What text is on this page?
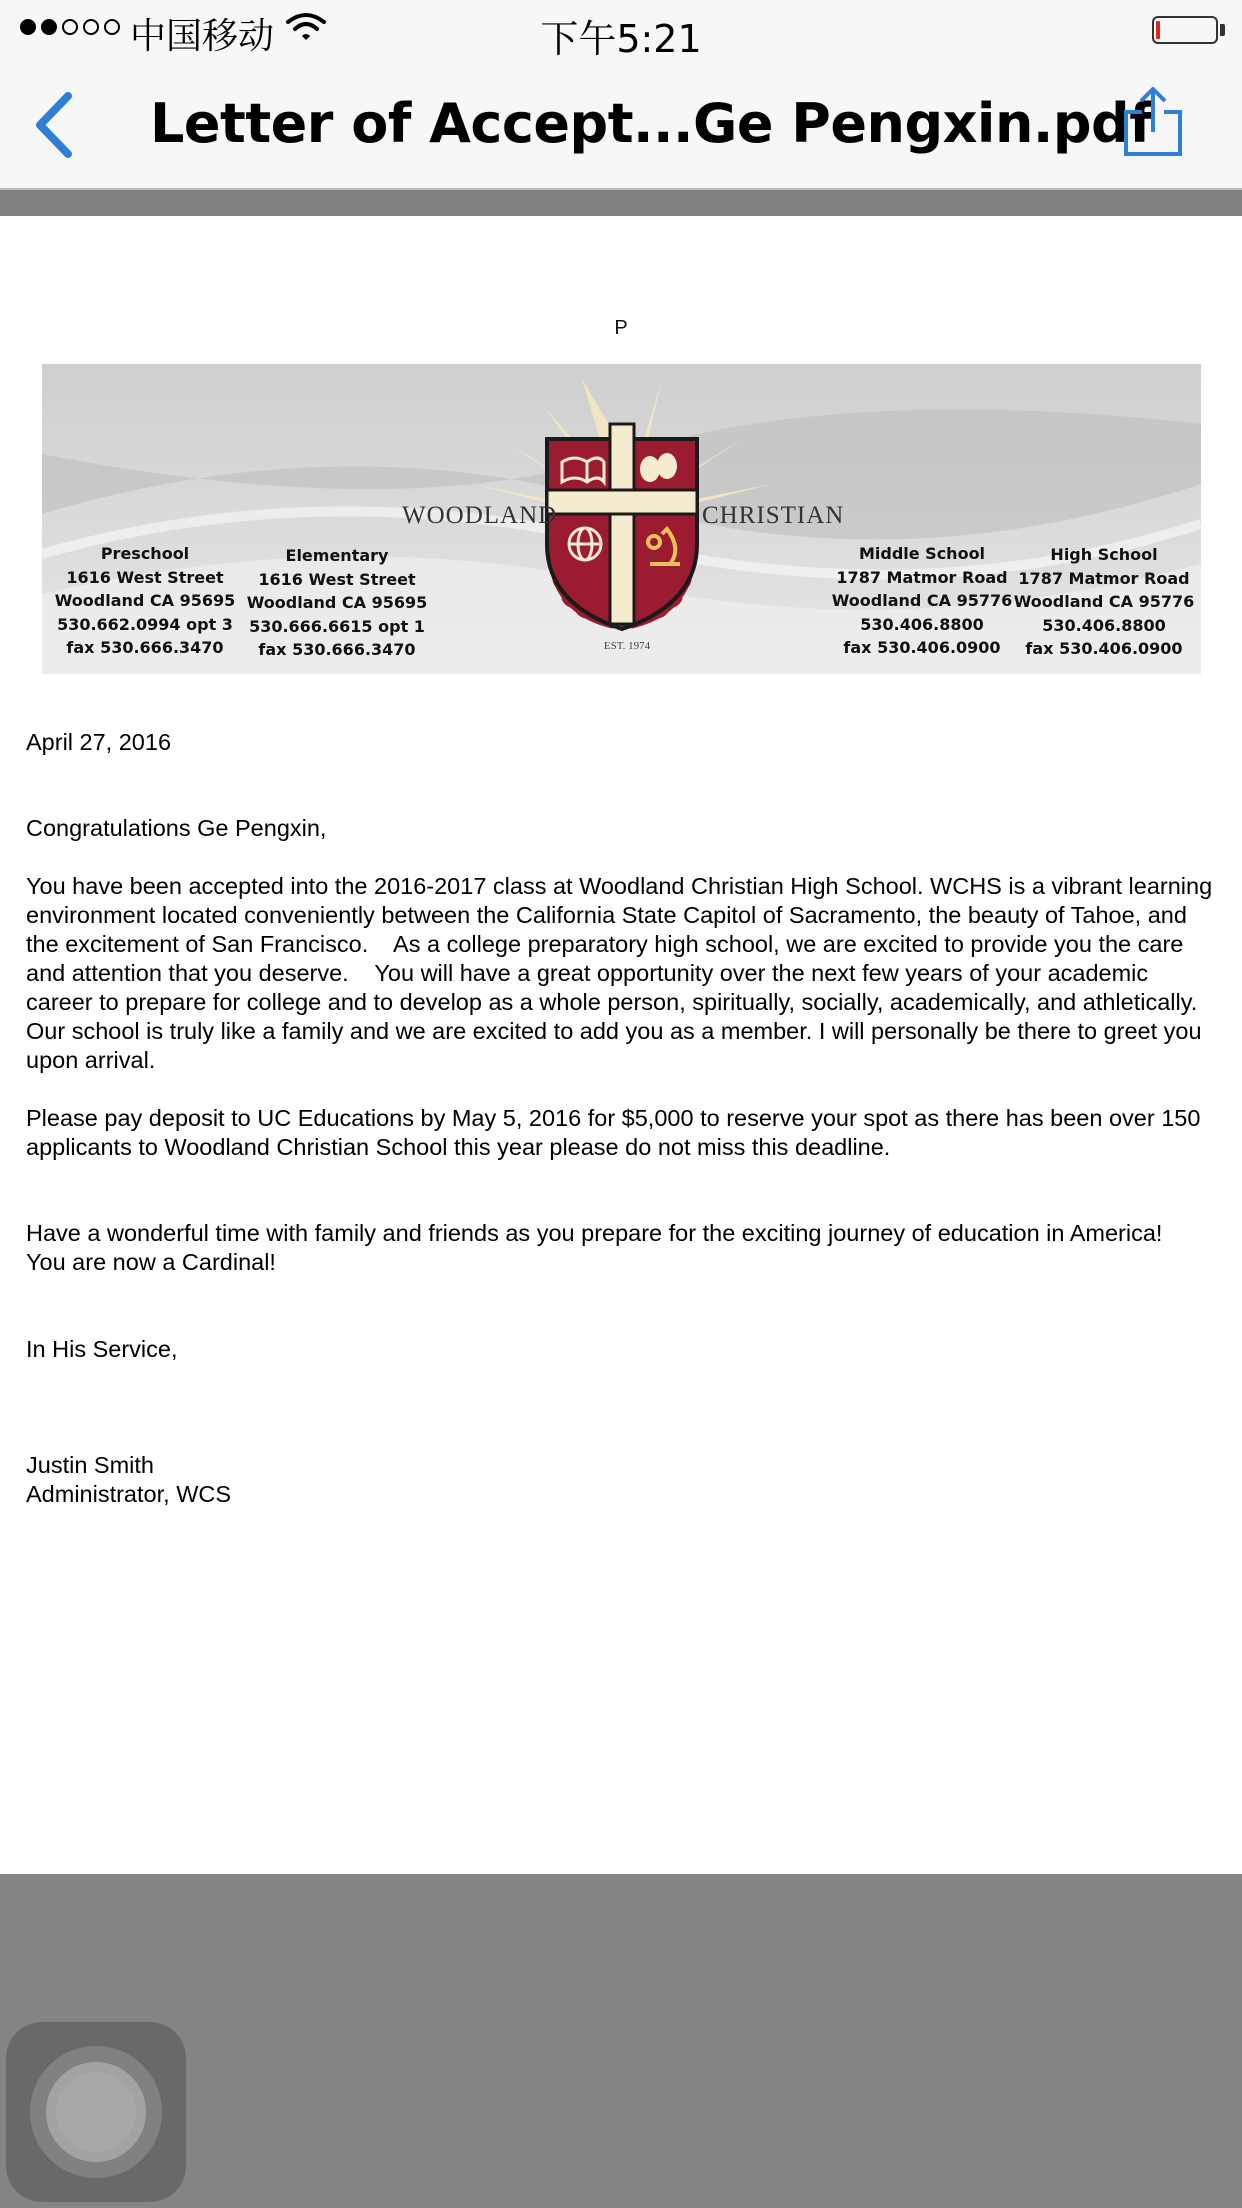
中国移动	下午5:21
Letter of Accept...Ge Pengxin.pdf
P
WOODLAND	CHRISTIAN
EST. 1974
Preschool
1616 West Street
Woodland CA 95695
530.662.0994 opt 3
fax 530.666.3470
Elementary
1616 West Street
Woodland CA 95695
530.666.6615 opt 1
fax 530.666.3470
Middle School
1787 Matmor Road
Woodland CA 95776
530.406.8800
fax 530.406.0900
High School
1787 Matmor Road
Woodland CA 95776
530.406.8800
fax 530.406.0900
April 27, 2016
Congratulations Ge Pengxin,
You have been accepted into the 2016-2017 class at Woodland Christian High School. WCHS is a vibrant learning environment located conveniently between the California State Capitol of Sacramento, the beauty of Tahoe, and the excitement of San Francisco.    As a college preparatory high school, we are excited to provide you the care and attention that you deserve.    You will have a great opportunity over the next few years of your academic career to prepare for college and to develop as a whole person, spiritually, socially, academically, and athletically. Our school is truly like a family and we are excited to add you as a member. I will personally be there to greet you upon arrival.
Please pay deposit to UC Educations by May 5, 2016 for $5,000 to reserve your spot as there has been over 150 applicants to Woodland Christian School this year please do not miss this deadline.
Have a wonderful time with family and friends as you prepare for the exciting journey of education in America!    You are now a Cardinal!
In His Service,
Justin Smith
Administrator, WCS
